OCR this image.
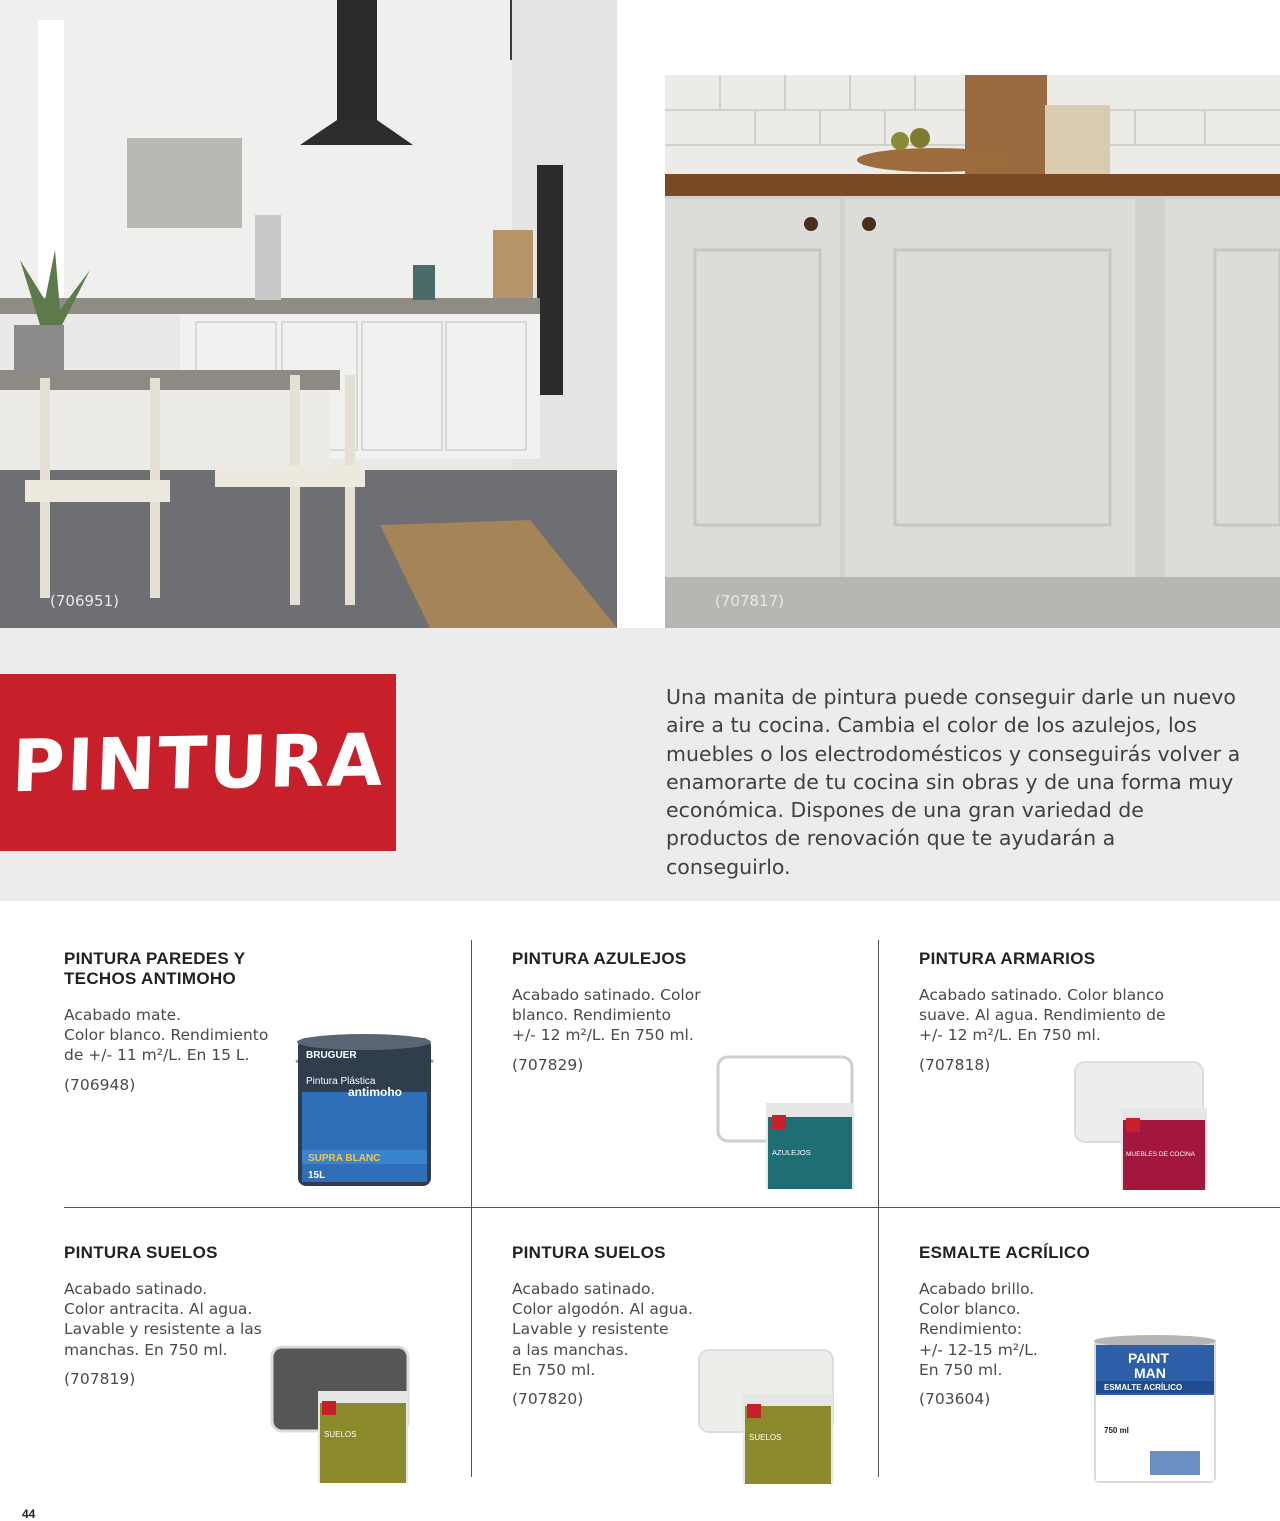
(706951)	(707817)
PINTURA

Una manita de pintura puede conseguir darle un nuevo aire a tu cocina. Cambia el color de los azulejos, los muebles o los electrodomésticos y conseguirás volver a enamorarte de tu cocina sin obras y de una forma muy económica. Dispones de una gran variedad de productos de renovación que te ayudarán a conseguirlo.

PINTURA PAREDES Y
TECHOS ANTIMOHO

Acabado mate.
Color blanco. Rendimiento
de +/- 11 m²/L. En 15 L.

(706948)

PINTURA AZULEJOS

Acabado satinado. Color
blanco. Rendimiento
+/- 12 m²/L. En 750 ml.

(707829)

PINTURA ARMARIOS

Acabado satinado. Color blanco
suave. Al agua. Rendimiento de
+/- 12 m²/L. En 750 ml.

(707818)

PINTURA SUELOS

Acabado satinado.
Color antracita. Al agua.
Lavable y resistente a las
manchas. En 750 ml.

(707819)

PINTURA SUELOS

Acabado satinado.
Color algodón. Al agua.
Lavable y resistente
a las manchas.
En 750 ml.

(707820)

ESMALTE ACRÍLICO

Acabado brillo.
Color blanco.
Rendimiento:
+/- 12-15 m²/L.
En 750 ml.

(703604)

BRUGUER
Pintura Plástica
antimoho
SUPRA BLANC
15L
AZULEJOS	MUEBLES DE COCINA
SUELOS	SUELOS
PAINT
MAN
ESMALTE ACRÍLICO
750 ml
44
